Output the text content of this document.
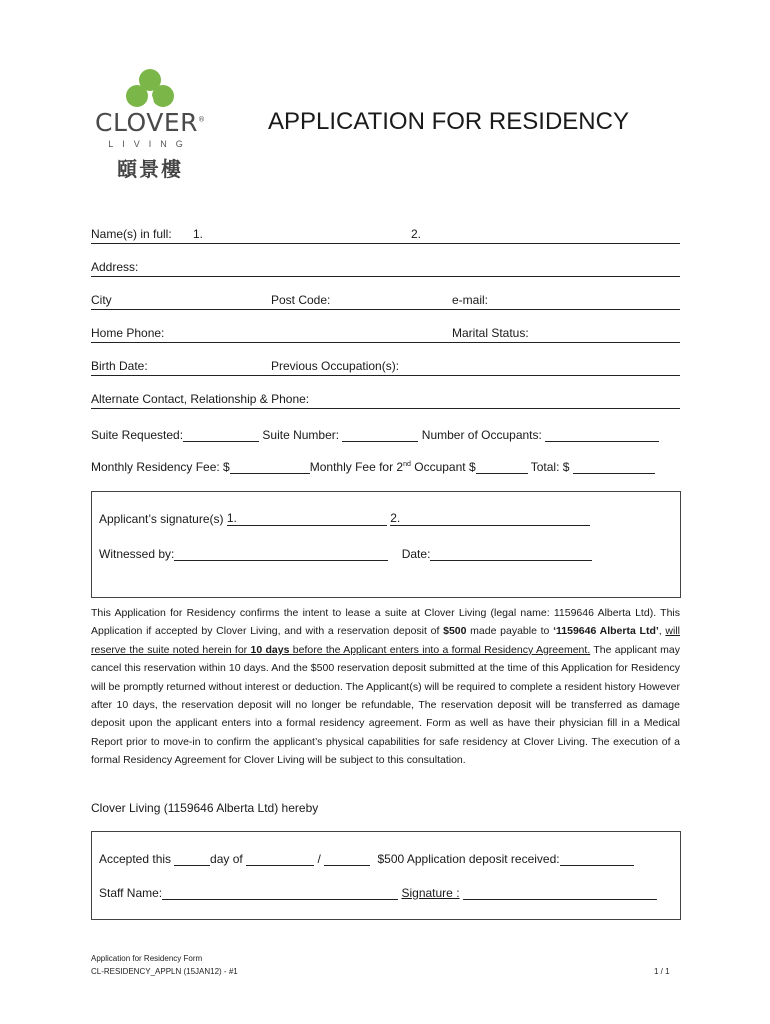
CLOVER®
LIVING
頤景樓
APPLICATION FOR RESIDENCY
Name(s) in full: 1.	2.
Address:
City	Post Code:	e-mail:
Home Phone:	Marital Status:
Birth Date:	Previous Occupation(s):
Alternate Contact, Relationship & Phone:
Suite Requested:	Suite Number:	Number of Occupants:
Monthly Residency Fee: $	Monthly Fee for 2nd Occupant $	Total: $
Applicant’s signature(s) 1.
	2.
Witnessed by:	Date:
This Application for Residency confirms the intent to lease a suite at Clover Living (legal name: 1159646 Alberta Ltd). This Application if accepted by Clover Living, and with a reservation deposit of $500 made payable to ‘1159646 Alberta Ltd’, will reserve the suite noted herein for 10 days before the Applicant enters into a formal Residency Agreement. The applicant may cancel this reservation within 10 days. And the $500 reservation deposit submitted at the time of this Application for Residency will be promptly returned without interest or deduction. The Applicant(s) will be required to complete a resident history However after 10 days, the reservation deposit will no longer be refundable, The reservation deposit will be transferred as damage deposit upon the applicant enters into a formal residency agreement. Form as well as have their physician fill in a Medical Report prior to move-in to confirm the applicant’s physical capabilities for safe residency at Clover Living. The execution of a formal Residency Agreement for Clover Living will be subject to this consultation.
Clover Living (1159646 Alberta Ltd) hereby
Accepted this	day of	/	$500 Application deposit received:
Staff Name:	Signature :
Application for Residency Form
CL-RESIDENCY_APPLN (15JAN12) - #1	1 / 1
